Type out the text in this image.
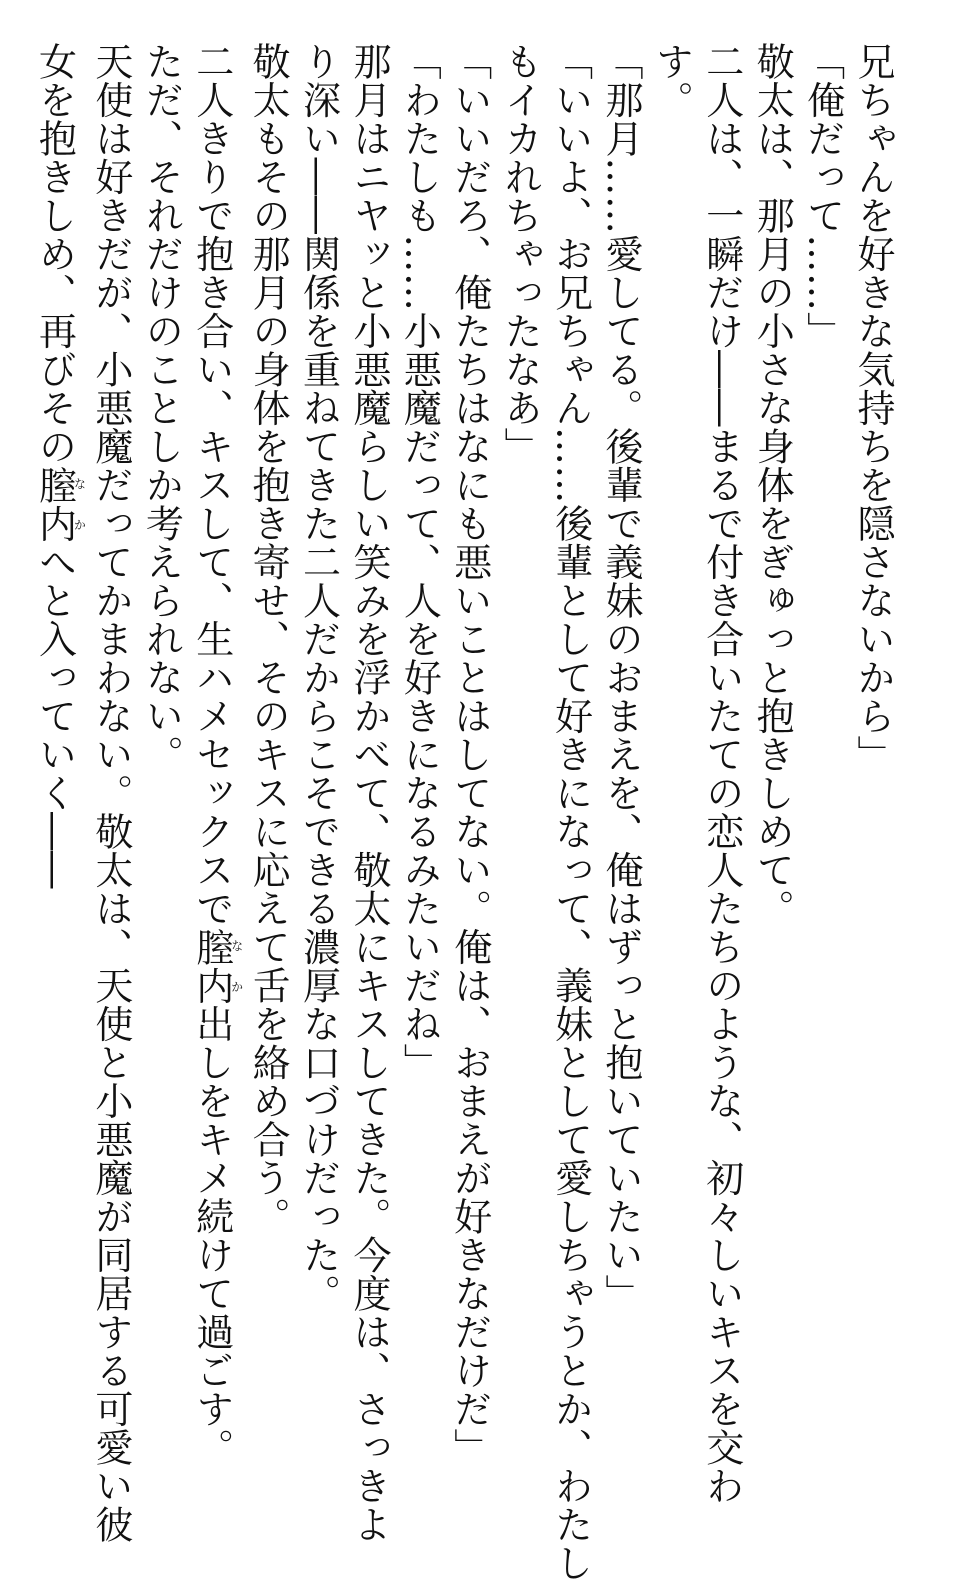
兄ちゃんを好きな気持ちを隠さないから」
「俺だって……」
敬太は、那月の小さな身体をぎゅっと抱きしめて。
二人は、一瞬だけ――まるで付き合いたての恋人たちのような、初々しいキスを交わ
す。
「那月……愛してる。後輩で義妹のおまえを、俺はずっと抱いていたい」
「いいよ、お兄ちゃん……後輩として好きになって、義妹として愛しちゃうとか、わたし
もイカれちゃったなあ」
「いいだろ、俺たちはなにも悪いことはしてない。俺は、おまえが好きなだけだ」
「わたしも……小悪魔だって、人を好きになるみたいだね」
那月はニヤッと小悪魔らしい笑みを浮かべて、敬太にキスしてきた。今度は、さっきよ
り深い――関係を重ねてきた二人だからこそできる濃厚な口づけだった。
敬太もその那月の身体を抱き寄せ、そのキスに応えて舌を絡め合う。
二人きりで抱き合い、キスして、生ハメセックスで膣内なか出しをキメ続けて過ごす。
ただ、それだけのことしか考えられない。
天使は好きだが、小悪魔だってかまわない。敬太は、天使と小悪魔が同居する可愛い彼
女を抱きしめ、再びその膣内なかへと入っていく――
